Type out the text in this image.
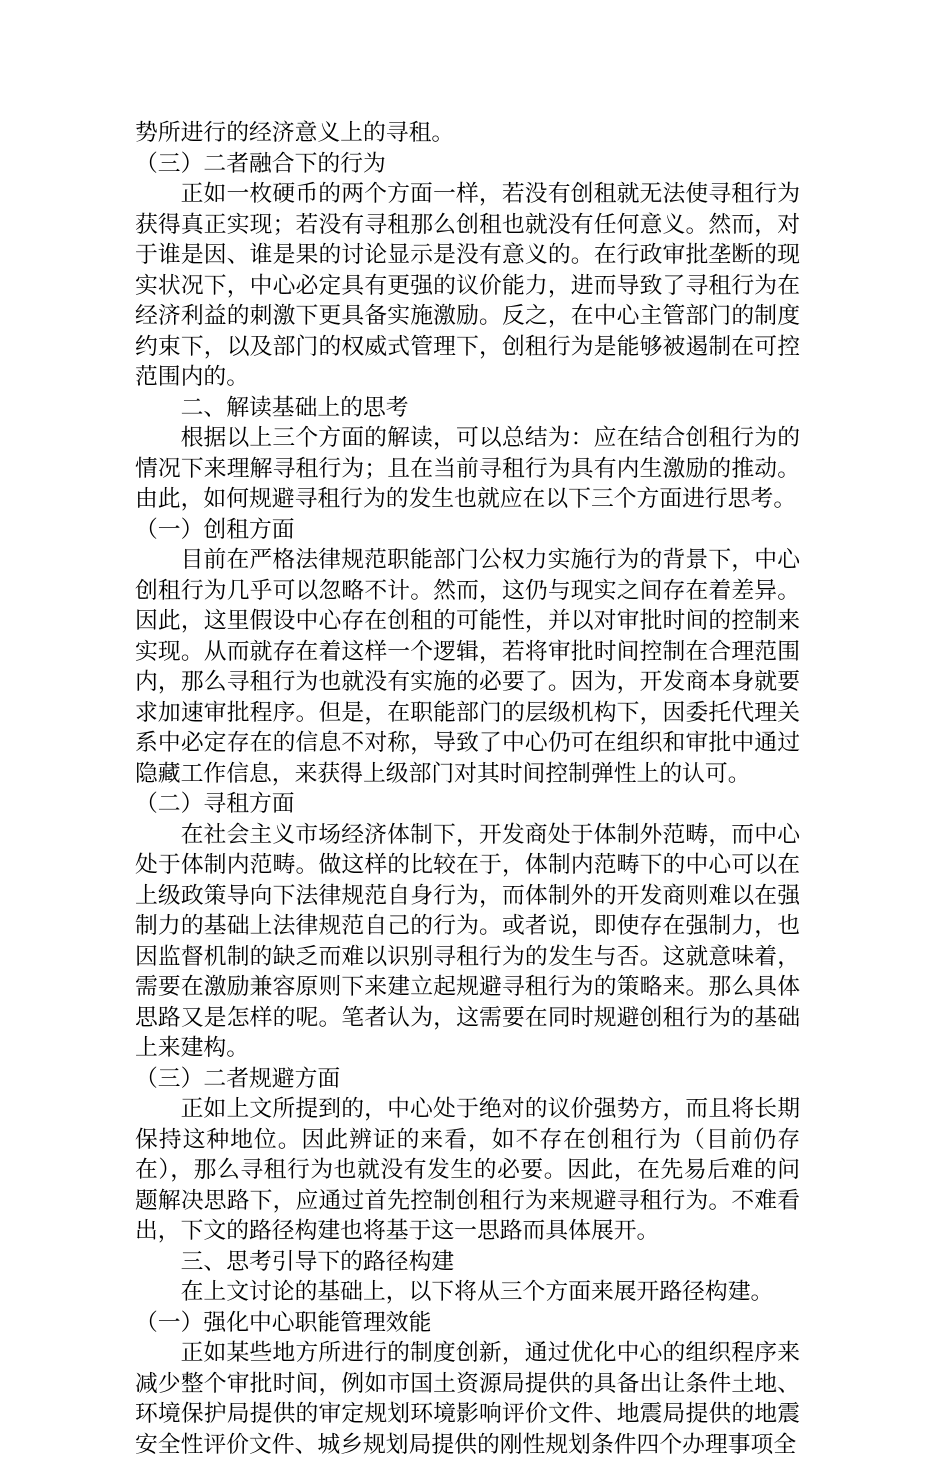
势所进行的经济意义上的寻租。

（三）二者融合下的行为

正如一枚硬币的两个方面一样，若没有创租就无法使寻租行为获得真正实现；若没有寻租那么创租也就没有任何意义。然而，对于谁是因、谁是果的讨论显示是没有意义的。在行政审批垄断的现实状况下，中心必定具有更强的议价能力，进而导致了寻租行为在经济利益的刺激下更具备实施激励。反之，在中心主管部门的制度约束下，以及部门的权威式管理下，创租行为是能够被遏制在可控范围内的。

二、解读基础上的思考

根据以上三个方面的解读，可以总结为：应在结合创租行为的情况下来理解寻租行为；且在当前寻租行为具有内生激励的推动。由此，如何规避寻租行为的发生也就应在以下三个方面进行思考。

（一）创租方面

目前在严格法律规范职能部门公权力实施行为的背景下，中心创租行为几乎可以忽略不计。然而，这仍与现实之间存在着差异。因此，这里假设中心存在创租的可能性，并以对审批时间的控制来实现。从而就存在着这样一个逻辑，若将审批时间控制在合理范围内，那么寻租行为也就没有实施的必要了。因为，开发商本身就要求加速审批程序。但是，在职能部门的层级机构下，因委托代理关系中必定存在的信息不对称，导致了中心仍可在组织和审批中通过隐藏工作信息，来获得上级部门对其时间控制弹性上的认可。

（二）寻租方面

在社会主义市场经济体制下，开发商处于体制外范畴，而中心处于体制内范畴。做这样的比较在于，体制内范畴下的中心可以在上级政策导向下法律规范自身行为，而体制外的开发商则难以在强制力的基础上法律规范自己的行为。或者说，即使存在强制力，也因监督机制的缺乏而难以识别寻租行为的发生与否。这就意味着，需要在激励兼容原则下来建立起规避寻租行为的策略来。那么具体思路又是怎样的呢。笔者认为，这需要在同时规避创租行为的基础上来建构。

（三）二者规避方面

正如上文所提到的，中心处于绝对的议价强势方，而且将长期保持这种地位。因此辨证的来看，如不存在创租行为（目前仍存在），那么寻租行为也就没有发生的必要。因此，在先易后难的问题解决思路下，应通过首先控制创租行为来规避寻租行为。不难看出，下文的路径构建也将基于这一思路而具体展开。

三、思考引导下的路径构建

在上文讨论的基础上，以下将从三个方面来展开路径构建。

（一）强化中心职能管理效能

正如某些地方所进行的制度创新，通过优化中心的组织程序来减少整个审批时间，例如市国土资源局提供的具备出让条件土地、环境保护局提供的审定规划环境影响评价文件、地震局提供的地震安全性评价文件、城乡规划局提供的刚性规划条件四个办理事项全
